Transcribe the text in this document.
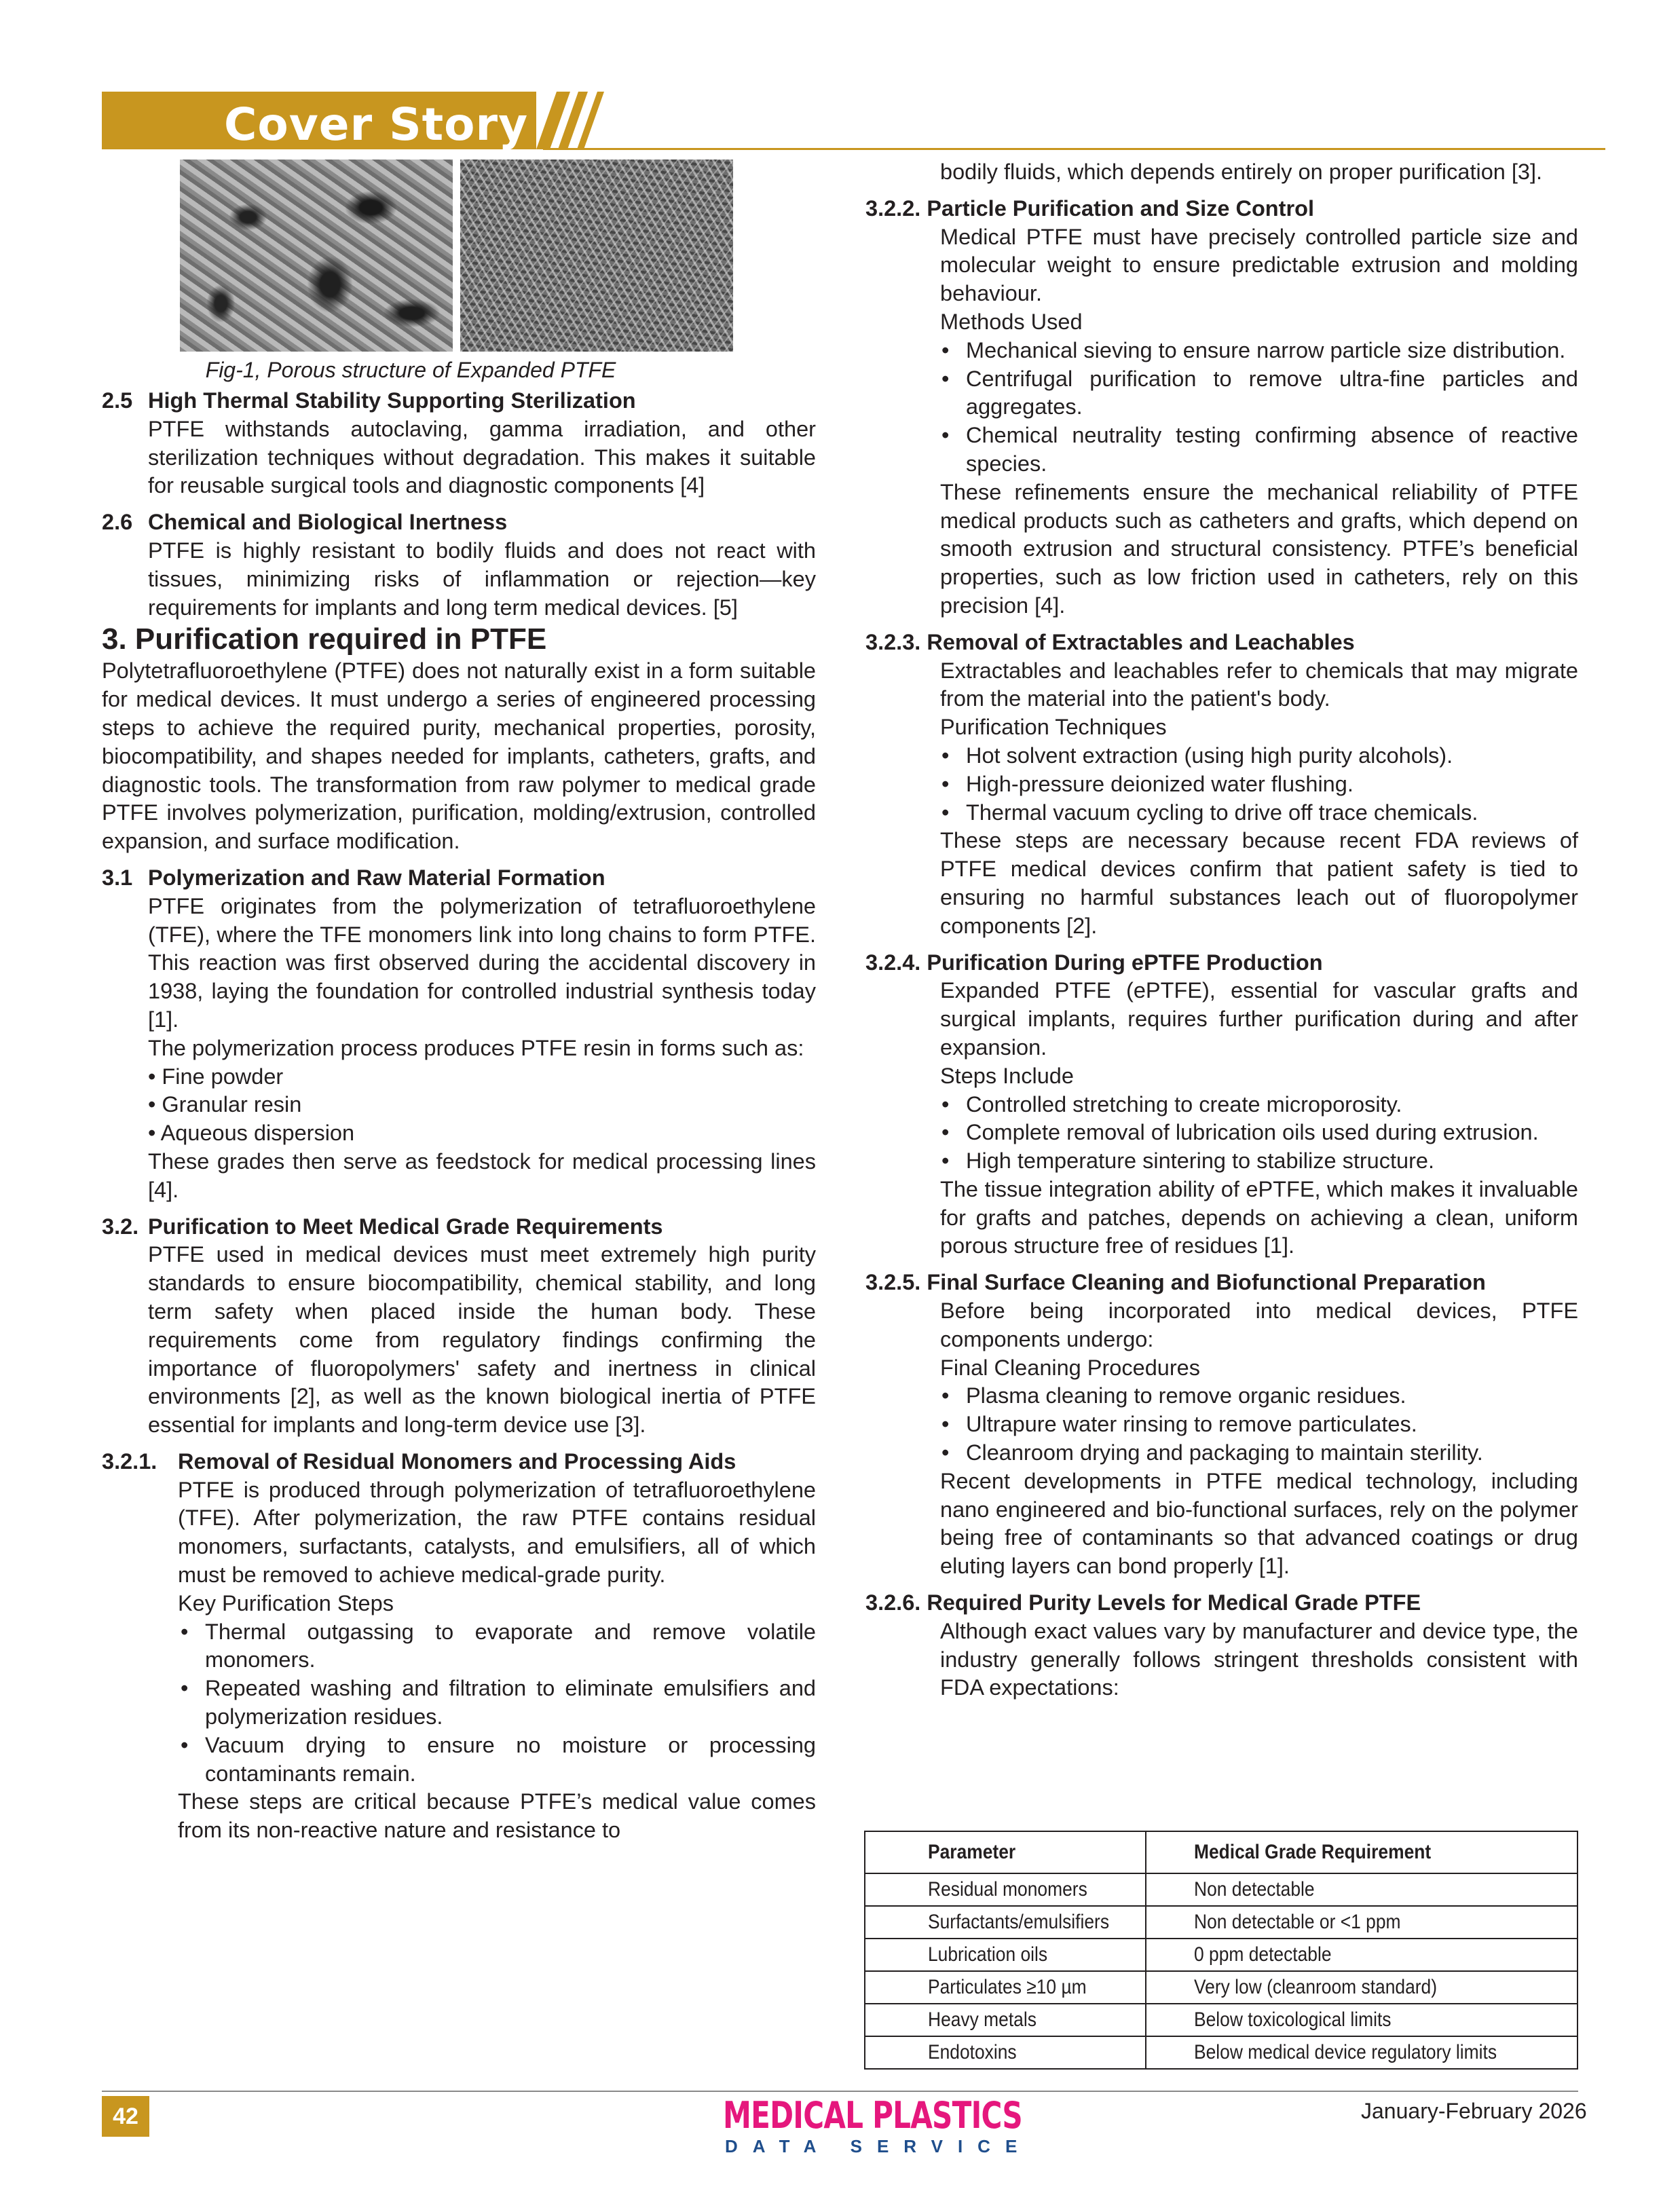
Cover Story
Fig-1, Porous structure of Expanded PTFE

2.5 High Thermal Stability Supporting Sterilization

PTFE withstands autoclaving, gamma irradiation, and other sterilization techniques without degradation. This makes it suitable for reusable surgical tools and diagnostic components [4]

2.6 Chemical and Biological Inertness

PTFE is highly resistant to bodily fluids and does not react with tissues, minimizing risks of inflammation or rejection—key requirements for implants and long term medical devices. [5]

3. Purification required in PTFE

Polytetrafluoroethylene (PTFE) does not naturally exist in a form suitable for medical devices. It must undergo a series of engineered processing steps to achieve the required purity, mechanical properties, porosity, biocompatibility, and shapes needed for implants, catheters, grafts, and diagnostic tools. The transformation from raw polymer to medical grade PTFE involves polymerization, purification, molding/extrusion, controlled expansion, and surface modification.

3.1 Polymerization and Raw Material Formation

PTFE originates from the polymerization of tetrafluoroethylene (TFE), where the TFE monomers link into long chains to form PTFE. This reaction was first observed during the accidental discovery in 1938, laying the foundation for controlled industrial synthesis today [1].

The polymerization process produces PTFE resin in forms such as:

• Fine powder

• Granular resin

• Aqueous dispersion

These grades then serve as feedstock for medical processing lines [4].

3.2. Purification to Meet Medical Grade Requirements

PTFE used in medical devices must meet extremely high purity standards to ensure biocompatibility, chemical stability, and long term safety when placed inside the human body. These requirements come from regulatory findings confirming the importance of fluoropolymers' safety and inertness in clinical environments [2], as well as the known biological inertia of PTFE essential for implants and long-term device use [3].

3.2.1. Removal of Residual Monomers and Processing Aids

PTFE is produced through polymerization of tetrafluoroethylene (TFE). After polymerization, the raw PTFE contains residual monomers, surfactants, catalysts, and emulsifiers, all of which must be removed to achieve medical-grade purity.

Key Purification Steps

• Thermal outgassing to evaporate and remove volatile monomers.

• Repeated washing and filtration to eliminate emulsifiers and polymerization residues.

• Vacuum drying to ensure no moisture or processing contaminants remain.

These steps are critical because PTFE’s medical value comes from its non-reactive nature and resistance to

bodily fluids, which depends entirely on proper purification [3].

3.2.2. Particle Purification and Size Control

Medical PTFE must have precisely controlled particle size and molecular weight to ensure predictable extrusion and molding behaviour.

Methods Used

• Mechanical sieving to ensure narrow particle size distribution.

• Centrifugal purification to remove ultra-fine particles and aggregates.

• Chemical neutrality testing confirming absence of reactive species.

These refinements ensure the mechanical reliability of PTFE medical products such as catheters and grafts, which depend on smooth extrusion and structural consistency. PTFE’s beneficial properties, such as low friction used in catheters, rely on this precision [4].

3.2.3. Removal of Extractables and Leachables

Extractables and leachables refer to chemicals that may migrate from the material into the patient's body.

Purification Techniques

• Hot solvent extraction (using high purity alcohols).

• High-pressure deionized water flushing.

• Thermal vacuum cycling to drive off trace chemicals.

These steps are necessary because recent FDA reviews of PTFE medical devices confirm that patient safety is tied to ensuring no harmful substances leach out of fluoropolymer components [2].

3.2.4. Purification During ePTFE Production

Expanded PTFE (ePTFE), essential for vascular grafts and surgical implants, requires further purification during and after expansion.

Steps Include

• Controlled stretching to create microporosity.

• Complete removal of lubrication oils used during extrusion.

• High temperature sintering to stabilize structure.

The tissue integration ability of ePTFE, which makes it invaluable for grafts and patches, depends on achieving a clean, uniform porous structure free of residues [1].

3.2.5. Final Surface Cleaning and Biofunctional Preparation

Before being incorporated into medical devices, PTFE components undergo:

Final Cleaning Procedures

• Plasma cleaning to remove organic residues.

• Ultrapure water rinsing to remove particulates.

• Cleanroom drying and packaging to maintain sterility.

Recent developments in PTFE medical technology, including nano engineered and bio-functional surfaces, rely on the polymer being free of contaminants so that advanced coatings or drug eluting layers can bond properly [1].

3.2.6. Required Purity Levels for Medical Grade PTFE

Although exact values vary by manufacturer and device type, the industry generally follows stringent thresholds consistent with FDA expectations:

Parameter	Medical Grade Requirement
Residual monomers	Non detectable
Surfactants/emulsifiers	Non detectable or <1 ppm
Lubrication oils	0 ppm detectable
Particulates ≥10 µm	Very low (cleanroom standard)
Heavy metals	Below toxicological limits
Endotoxins	Below medical device regulatory limits
42	MEDICAL PLASTICS
DATA SERVICE
January-February 2026
